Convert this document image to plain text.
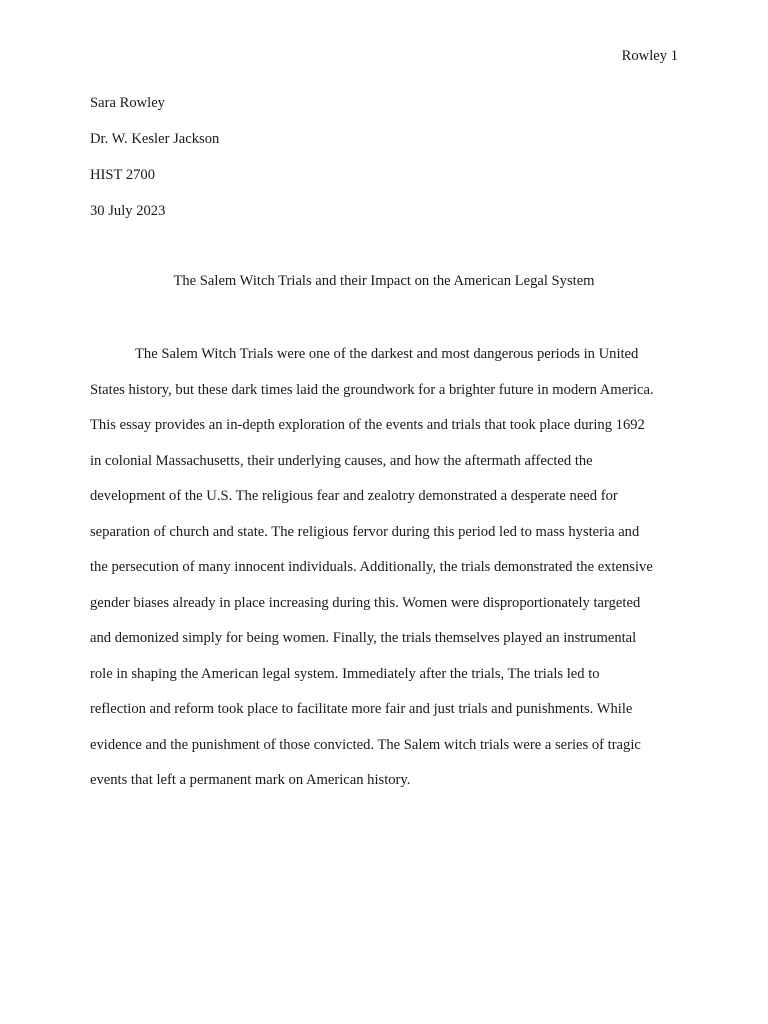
Rowley 1
Sara Rowley
Dr. W. Kesler Jackson
HIST 2700
30 July 2023
The Salem Witch Trials and their Impact on the American Legal System
The Salem Witch Trials were one of the darkest and most dangerous periods in United
States history, but these dark times laid the groundwork for a brighter future in modern America.
This essay provides an in-depth exploration of the events and trials that took place during 1692
in colonial Massachusetts, their underlying causes, and how the aftermath affected the
development of the U.S. The religious fear and zealotry demonstrated a desperate need for
separation of church and state. The religious fervor during this period led to mass hysteria and
the persecution of many innocent individuals. Additionally, the trials demonstrated the extensive
gender biases already in place increasing during this. Women were disproportionately targeted
and demonized simply for being women. Finally, the trials themselves played an instrumental
role in shaping the American legal system. Immediately after the trials, The trials led to
reflection and reform took place to facilitate more fair and just trials and punishments. While
evidence and the punishment of those convicted. The Salem witch trials were a series of tragic
events that left a permanent mark on American history.
